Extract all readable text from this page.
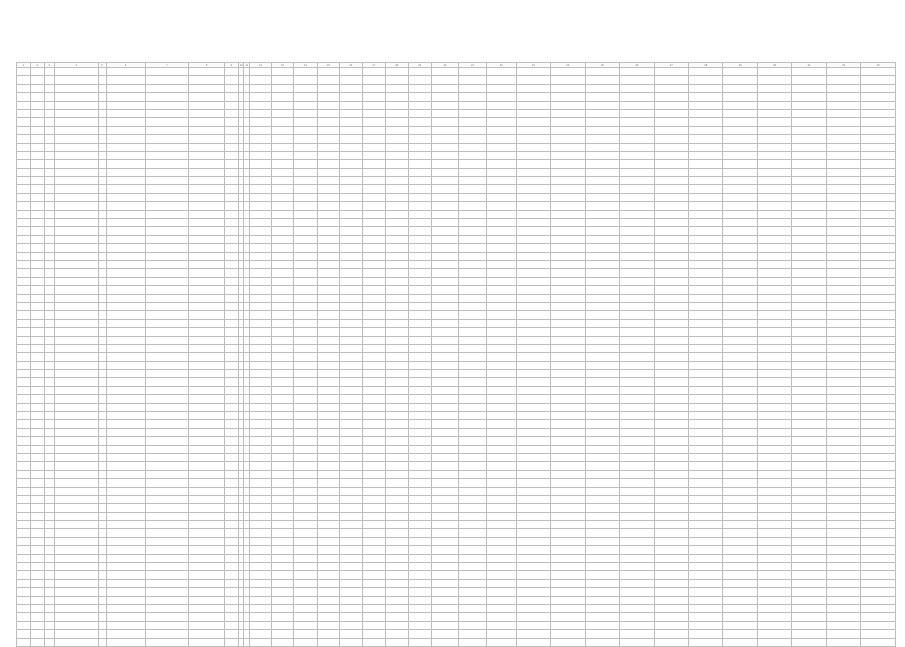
1	2	3	4	5	6	7	8	9	10	11	12	13	14	15	16	17	18	19	20	21	22	23	24	25	26	27	28	29	30	31	32	33
